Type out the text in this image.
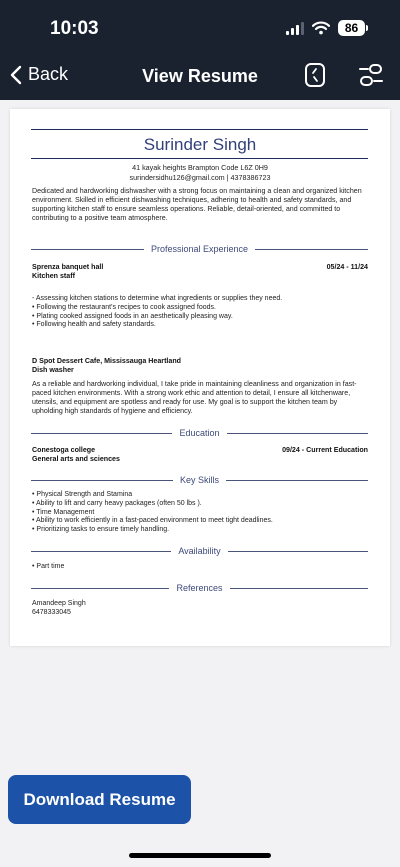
10:03	86
Back	View Resume
Surinder Singh
41 kayak heights Brampton Code L6Z 0H9
surindersidhu126@gmail.com | 4378386723
Dedicated and hardworking dishwasher with a strong focus on maintaining a clean and organized kitchen environment. Skilled in efficient dishwashing techniques, adhering to health and safety standards, and supporting kitchen staff to ensure seamless operations. Reliable, detail-oriented, and committed to contributing to a positive team atmosphere.
Professional Experience
Sprenza banquet hall	05/24 - 11/24
Kitchen staff
- Assessing kitchen stations to determine what ingredients or supplies they need.
• Following the restaurant's recipes to cook assigned foods.
• Plating cooked assigned foods in an aesthetically pleasing way.
• Following health and safety standards.
D Spot Dessert Cafe, Mississauga Heartland
Dish washer
As a reliable and hardworking individual, I take pride in maintaining cleanliness and organization in fast-paced kitchen environments. With a strong work ethic and attention to detail, I ensure all kitchenware, utensils, and equipment are spotless and ready for use. My goal is to support the kitchen team by upholding high standards of hygiene and efficiency.
Education
Conestoga college	09/24 - Current Education
General arts and sciences
Key Skills
• Physical Strength and Stamina
• Ability to lift and carry heavy packages (often 50 lbs ).
• Time Management
• Ability to work efficiently in a fast-paced environment to meet tight deadlines.
• Prioritizing tasks to ensure timely handling.
Availability
• Part time
References
Amandeep Singh
6478333045
Download Resume
